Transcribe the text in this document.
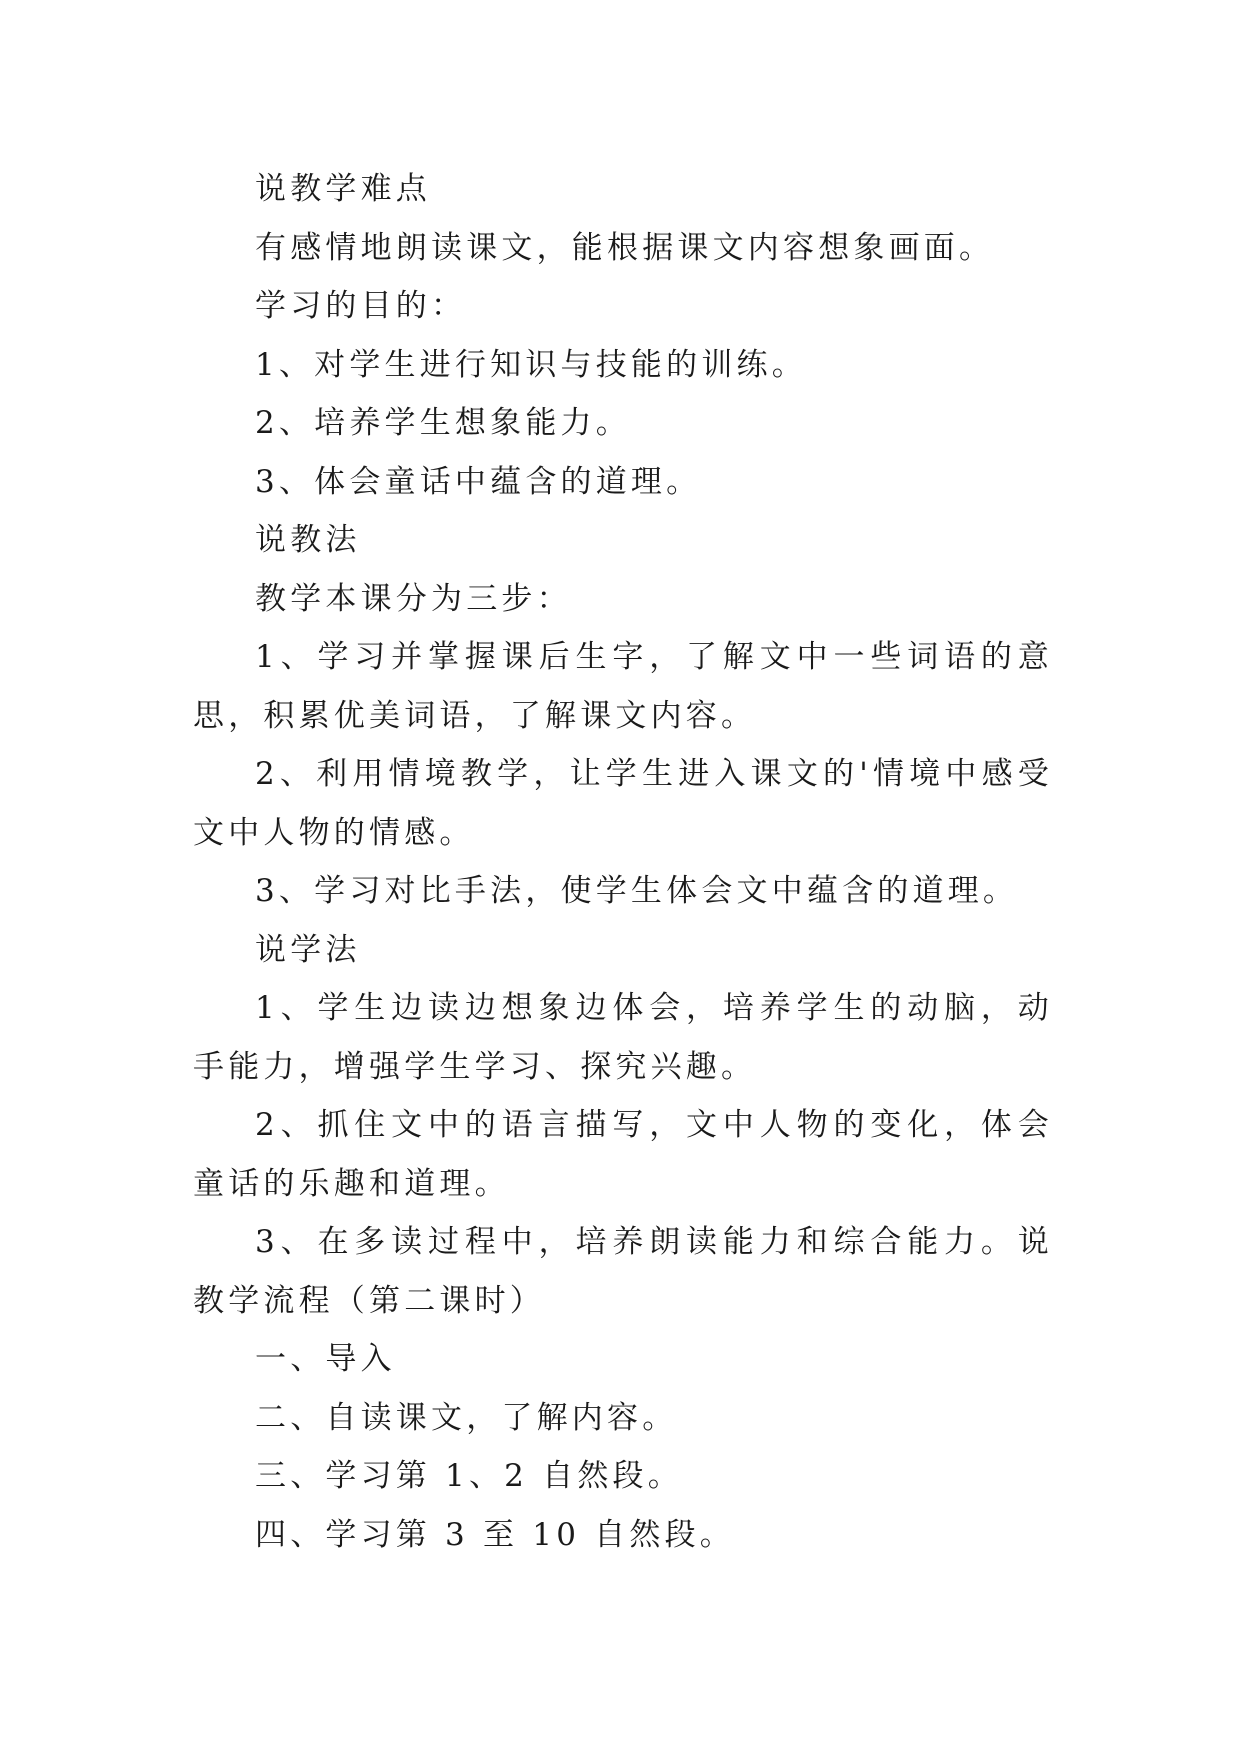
说教学难点

有感情地朗读课文，能根据课文内容想象画面。

学习的目的：

1、对学生进行知识与技能的训练。

2、培养学生想象能力。

3、体会童话中蕴含的道理。

说教法

教学本课分为三步：

1、学习并掌握课后生字，了解文中一些词语的意思，积累优美词语，了解课文内容。

2、利用情境教学，让学生进入课文的'情境中感受文中人物的情感。

3、学习对比手法，使学生体会文中蕴含的道理。

说学法

1、学生边读边想象边体会，培养学生的动脑，动手能力，增强学生学习、探究兴趣。

2、抓住文中的语言描写，文中人物的变化，体会童话的乐趣和道理。

3、在多读过程中，培养朗读能力和综合能力。说教学流程（第二课时）

一、导入

二、自读课文，了解内容。

三、学习第 1、2 自然段。

四、学习第 3 至 10 自然段。
